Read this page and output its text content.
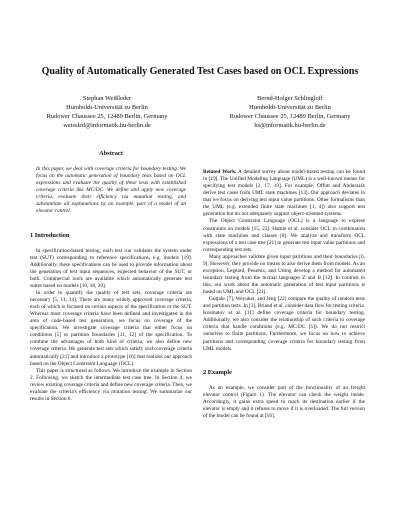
Quality of Automatically Generated Test Cases based on OCL Expressions
Stephan Weißleder
Humboldt-Universität zu Berlin
Rudower Chaussee 25, 12489 Berlin, Germany
weissled@informatik.hu-berlin.de
Bernd-Holger Schlingloff
Humboldt-Universität zu Berlin
Rudower Chaussee 25, 12489 Berlin, Germany
hs@informatik.hu-berlin.de

Abstract

In this paper, we deal with coverage criteria for boundary testing. We focus on the automatic generation of boundary tests based on OCL expressions and evaluate the quality of these tests with established coverage criteria like MC/DC. We define and apply new coverage criteria, evaluate their efficiency via mutation testing, and substantiate all explanations by an example, part of a model of an elevator control.

1 Introduction

In specification-based testing, each test run validates the system under test (SUT) corresponding to reference specifications, e.g. models [19]. Additionally, these specifications can be used to provide information about the generation of test input sequences, expected behavior of the SUT, or both. Commercial tools are available which automatically generate test suites based on models [10, 18, 20].

In order to quantify the quality of test sets, coverage criteria are necessary [5, 11, 14]. There are many widely approved coverage criteria, each of which is focused on certain aspects of the specification or the SUT. Whereas most coverage criteria have been defined and investigated in the area of code-based test generation, we focus on coverage of the specification. We investigate coverage criteria that either focus on conditions [5] or partition boundaries [11, 12] of the specification. To combine the advantages of both kind of criteria, we also define new coverage criteria. We generate test sets which satisfy such coverage criteria automatically [21] and introduce a prototype [16] that realizes our approach based on the Object Constraint Language (OCL).

This paper is structured as follows. We introduce the example in Section 2. Following, we sketch the intermediate test case tree. In Section 4, we review existing coverage criteria and define new coverage criteria. Then, we evaluate the criteria's efficiency via mutation testing. We summarize our results in Section 6.

Related Work. A detailed survey about model-based testing can be found in [19]. The Unified Modeling Language (UML) is a well-known means for specifying test models [2, 17, 19]. For example, Offutt and Abdurazik derive test cases from UML state machines [13]. Our approach deviates in that we focus on deriving test input value partitions. Other formalisms than the UML (e.g. extended finite state machines [1, 4]) also support test generation but do not adequately support object-oriented systems.

The Object Constraint Language (OCL) is a language to express constraints on models [15, 23]. Hamie et al. consider OCL in combination with state machines and classes [8]. We analyze and transform OCL expressions of a test case tree [21] to generate test input value partitions and corresponding test sets.

Many approaches validate given input partitions and their boundaries [6, 9]. However, they provide no means to also derive them from models. As an exception, Legeard, Peureux, and Utting develop a method for automated boundary testing from the textual languages Z and B [12]. In contrast to this, our work about the automatic generation of test input partitions is based on UML and OCL [21].

Gutjahr [7], Weyuker, and Jeng [22] compare the quality of random tests and partition tests. In [3], Briand et al. consider data flow for testing criteria. Kosmatov et al. [11] define coverage criteria for boundary testing. Additionally, we also consider the relationship of such criteria to coverage criteria that handle conditions (e.g. MC/DC [5]). We do not restrict ourselves to finite partitions. Furthermore, we focus on how to achieve partitions and corresponding coverage criteria for boundary testing from UML models.

2 Example

As an example, we consider part of the functionality of an freight elevator control (Figure 1). The elevator can check the weight inside. Accordingly, it gains extra speed to reach its destination earlier if the elevator is empty and it refuses to move if it is overloaded. The full version of the model can be found at [16].
